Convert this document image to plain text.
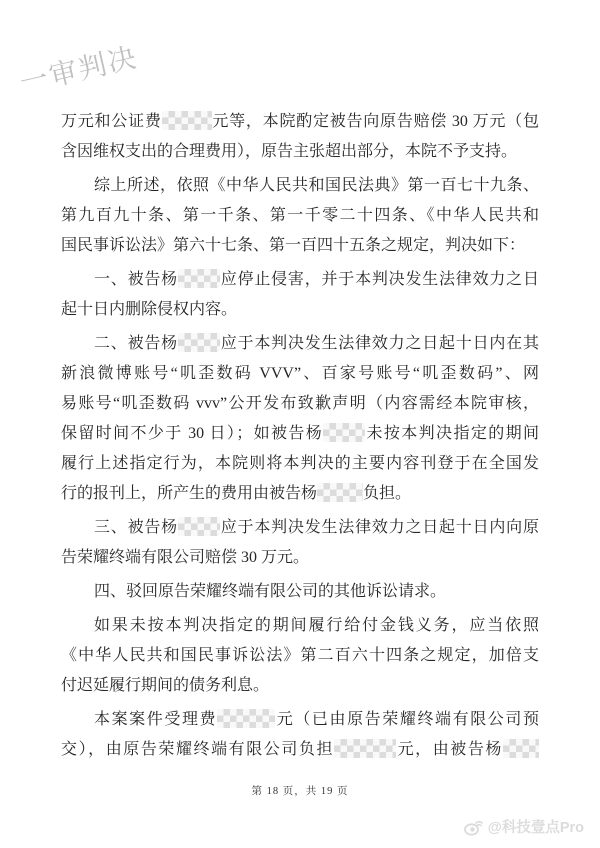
一审判决
万元和公证费	元等，本院酌定被告向原告赔偿 30 万元（包
含因维权支出的合理费用），原告主张超出部分，本院不予支持。
综上所述，依照《中华人民共和国民法典》第一百七十九条、
第九百九十条、第一千条、第一千零二十四条、《中华人民共和
国民事诉讼法》第六十七条、第一百四十五条之规定，判决如下：
一、被告杨	应停止侵害，并于本判决发生法律效力之日
起十日内删除侵权内容。
二、被告杨	应于本判决发生法律效力之日起十日内在其
新浪微博账号“叽歪数码 VVV”、百家号账号“叽歪数码”、网
易账号“叽歪数码 vvv”公开发布致歉声明（内容需经本院审核，
保留时间不少于 30 日）；如被告杨	未按本判决指定的期间
履行上述指定行为，本院则将本判决的主要内容刊登于在全国发
行的报刊上，所产生的费用由被告杨	负担。
三、被告杨	应于本判决发生法律效力之日起十日内向原
告荣耀终端有限公司赔偿 30 万元。
四、驳回原告荣耀终端有限公司的其他诉讼请求。
如果未按本判决指定的期间履行给付金钱义务，应当依照
《中华人民共和国民事诉讼法》第二百六十四条之规定，加倍支
付迟延履行期间的债务利息。
本案案件受理费	元（已由原告荣耀终端有限公司预
交），由原告荣耀终端有限公司负担	元，由被告杨
第 18 页，共 19 页
@科技壹点Pro
